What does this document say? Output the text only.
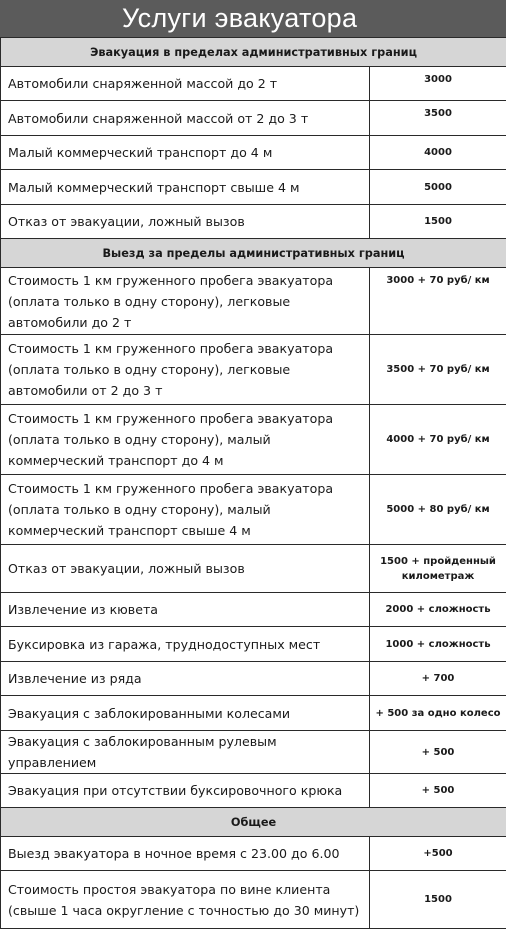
Услуги эвакуатора
Эвакуация в пределах административных границ	
Автомобили снаряженной массой до 2 т	3000
Автомобили снаряженной массой от 2 до 3 т	3500
Малый коммерческий транспорт до 4 м	4000
Малый коммерческий транспорт свыше 4 м	5000
Отказ от эвакуации, ложный вызов	1500
Выезд за пределы административных границ	
Стоимость 1 км груженного пробега эвакуатора (оплата только в одну сторону), легковые автомобили до 2 т	3000 + 70 руб/ км
Стоимость 1 км груженного пробега эвакуатора (оплата только в одну сторону), легковые автомобили от 2 до 3 т	3500 + 70 руб/ км
Стоимость 1 км груженного пробега эвакуатора (оплата только в одну сторону), малый коммерческий транспорт до 4 м	4000 + 70 руб/ км
Стоимость 1 км груженного пробега эвакуатора (оплата только в одну сторону), малый коммерческий транспорт свыше 4 м	5000 + 80 руб/ км
Отказ от эвакуации, ложный вызов	1500 + пройденный километраж
Извлечение из кювета	2000 + сложность
Буксировка из гаража, труднодоступных мест	1000 + сложность
Извлечение из ряда	+ 700
Эвакуация с заблокированными колесами	+ 500 за одно колесо
Эвакуация с заблокированным рулевым управлением	+ 500
Эвакуация при отсутствии буксировочного крюка	+ 500
Общее	
Выезд эвакуатора в ночное время с 23.00 до 6.00	+500
Стоимость простоя эвакуатора по вине клиента (свыше 1 часа округление с точностью до 30 минут)	1500
